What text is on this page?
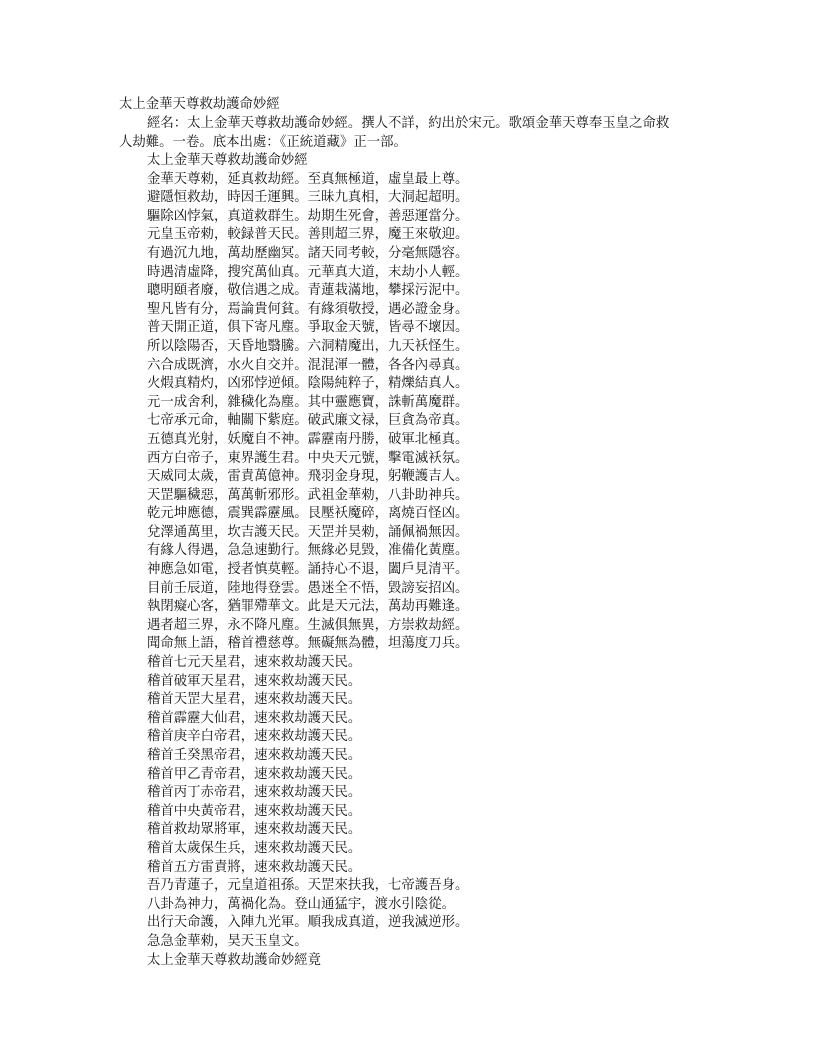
太上金華天尊救劫護命妙經
經名：太上金華天尊救劫護命妙經。撰人不詳，約出於宋元。歌頌金華天尊奉玉皇之命救
人劫難。一卷。底本出處：《正統道藏》正一部。
太上金華天尊救劫護命妙經
金華天尊勑，延真救劫經。至真無極道，虛皇最上尊。
避隱恒救劫，時因壬運興。三昧九真相，大洞起超明。
驅除凶悖氣，真道救群生。劫期生死會，善惡運當分。
元皇玉帝勑，較録普天民。善則超三界，魔王來敬迎。
有過沉九地，萬劫歷幽冥。諸天同考較，分毫無隱容。
時遇清虛降，搜究萬仙真。元華真大道，末劫小人輕。
聰明頤者廢，敬信遇之成。青蓮栽滿地，攀採污泥中。
聖凡皆有分，焉論貴何貧。有緣須敬授，遇必證金身。
普天開正道，俱下寄凡塵。爭取金天號，皆尋不壞因。
所以陰陽否，天昏地翳騰。六洞精魔出，九天袄怪生。
六合成既濟，水火自交并。混混渾一體，各各內尋真。
火煆真精灼，凶邪悖逆傾。陰陽純粹子，精爍結真人。
元一成舍利，雜穢化為塵。其中靈應寶，誅斬萬魔群。
七帝承元命，軸關下紫庭。破武廉文禄，巨貪為帝真。
五德真光射，妖魔自不神。霹靂南丹勝，破軍北極真。
西方白帝子，東界護生君。中央天元號，擊電滅袄氛。
天威同太歲，雷責萬億神。飛羽金身現，躬鞭護吉人。
天罡驅穢惡，萬萬斬邪形。武祖金華勑，八卦助神兵。
乾元坤應德，震巽霹靂風。艮壓袄魔碎，离燒百怪凶。
兌澤通萬里，坎吉護天民。天罡并昊勑，誦佩禍無因。
有緣人得遇，急急速勤行。無緣必見毀，准備化黃塵。
神應急如電，授者慎莫輕。誦持心不退，闔戶見清平。
目前壬辰道，陸地得登雲。愚迷全不悟，毀謗妄招凶。
執閉癡心客，猶罪殢華文。此是天元法，萬劫再難逢。
遇者超三界，永不降凡塵。生滅俱無異，方崇救劫經。
聞命無上語，稽首禮慈尊。無礙無為體，坦蕩度刀兵。
稽首七元天星君，速來救劫護天民。
稽首破軍天星君，速來救劫護天民。
稽首天罡大星君，速來救劫護天民。
稽首霹靂大仙君，速來救劫護天民。
稽首庚辛白帝君，速來救劫護天民。
稽首壬癸黑帝君，速來救劫護天民。
稽首甲乙青帝君，速來救劫護天民。
稽首丙丁赤帝君，速來救劫護天民。
稽首中央黃帝君，速來救劫護天民。
稽首救劫眾將軍，速來救劫護天民。
稽首太歲保生兵，速來救劫護天民。
稽首五方雷責將，速來救劫護天民。
吾乃青蓮子，元皇道祖孫。天罡來扶我，七帝護吾身。
八卦為神力，萬禍化為。登山通猛宇，渡水引陰從。
出行天命護，入陣九光軍。順我成真道，逆我滅逆形。
急急金華勑，昊天玉皇文。
太上金華天尊救劫護命妙經竟
